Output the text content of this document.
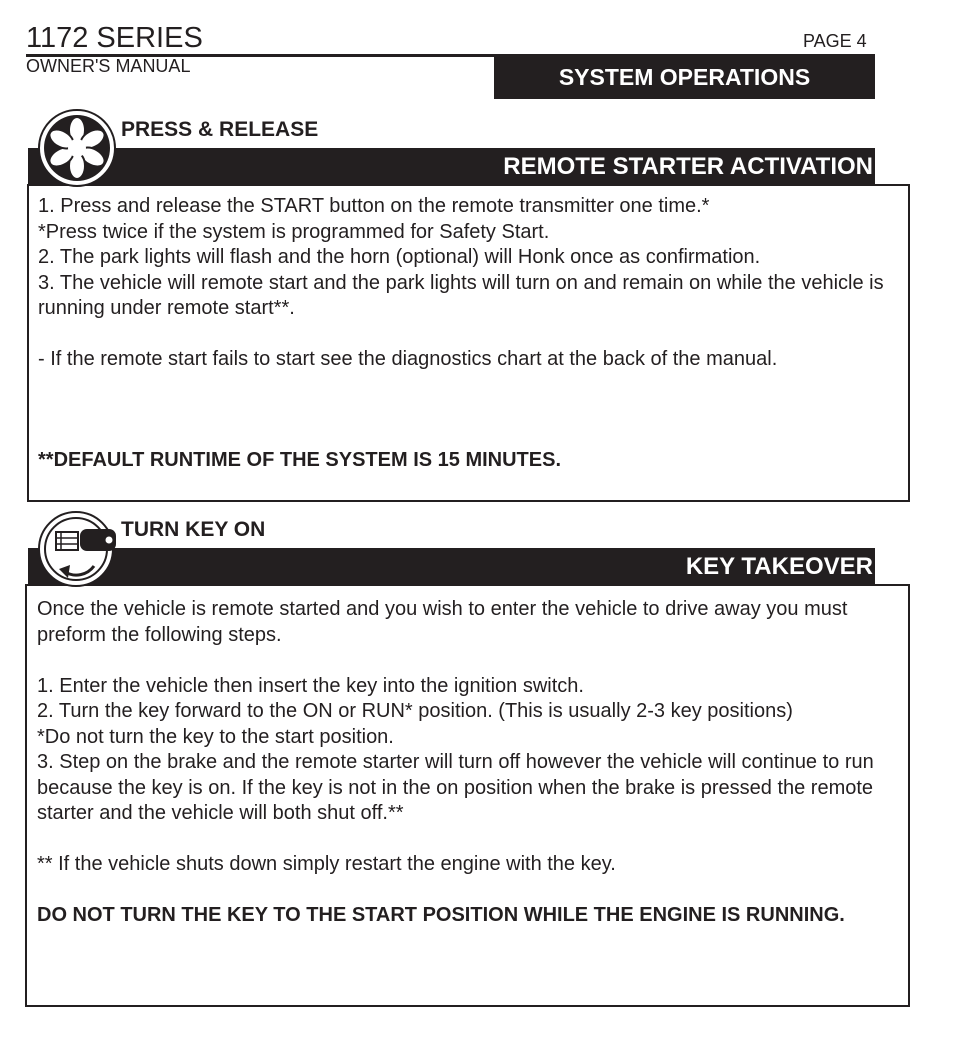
1172 SERIES
OWNER'S MANUAL
PAGE 4
SYSTEM OPERATIONS

1. Press and release the START button on the remote transmitter one time.*

*Press twice if the system is programmed for Safety Start.

2. The park lights will flash and the horn (optional) will Honk once as confirmation.

3. The vehicle will remote start and the park lights will turn on and remain on while the vehicle is running under remote start**.

- If the remote start fails to start see the diagnostics chart at the back of the manual.

**DEFAULT RUNTIME OF THE SYSTEM IS 15 MINUTES.
REMOTE STARTER ACTIVATION
PRESS & RELEASE

Once the vehicle is remote started and you wish to enter the vehicle to drive away you must preform the following steps.

1. Enter the vehicle then insert the key into the ignition switch.

2. Turn the key forward to the ON or RUN* position. (This is usually 2-3 key positions)

*Do not turn the key to the start position.

3. Step on the brake and the remote starter will turn off however the vehicle will continue to run because the key is on. If the key is not in the on position when the brake is pressed the remote starter and the vehicle will both shut off.**

** If the vehicle shuts down simply restart the engine with the key.

DO NOT TURN THE KEY TO THE START POSITION WHILE THE ENGINE IS RUNNING.

KEY TAKEOVER
TURN KEY ON
